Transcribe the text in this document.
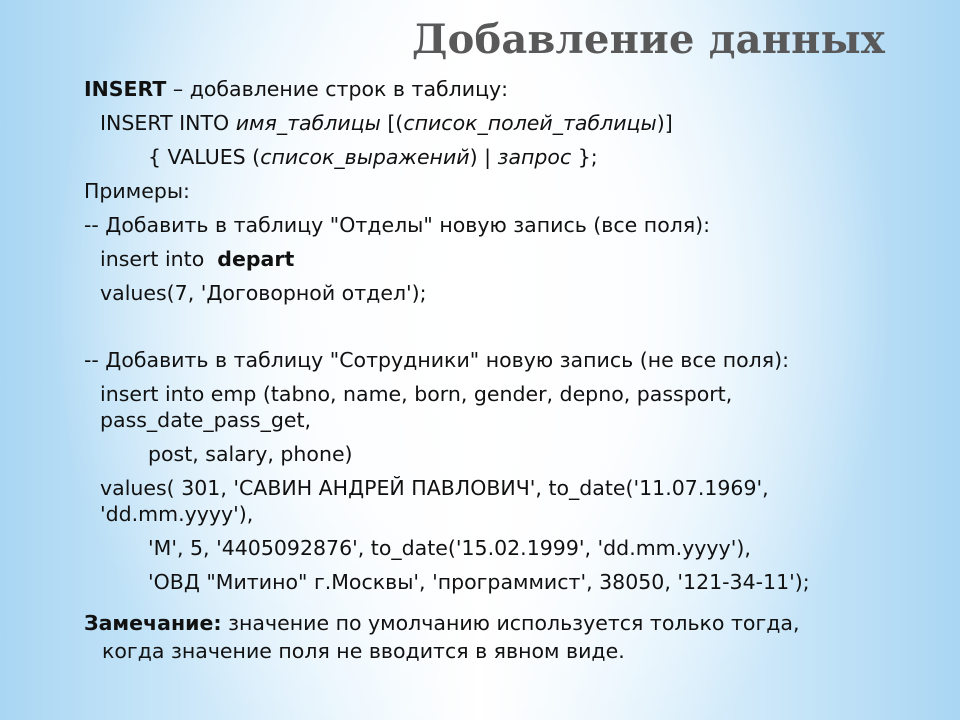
Добавление данных
INSERT – добавление строк в таблицу:
INSERT INTO имя_таблицы [(список_полей_таблицы)]
{ VALUES (список_выражений) | запрос };
Примеры:
-- Добавить в таблицу "Отделы" новую запись (все поля):
insert into  depart
values(7, 'Договорной отдел');
-- Добавить в таблицу "Сотрудники" новую запись (не все поля):
insert into emp (tabno, name, born, gender, depno, passport,
pass_date_pass_get,
post, salary, phone)
values( 301, 'САВИН АНДРЕЙ ПАВЛОВИЧ', to_date('11.07.1969',
'dd.mm.yyyy'),
'М', 5, '4405092876', to_date('15.02.1999', 'dd.mm.yyyy'),
'ОВД "Митино" г.Москвы', 'программист', 38050, '121-34-11');
Замечание: значение по умолчанию используется только тогда,
когда значение поля не вводится в явном виде.
